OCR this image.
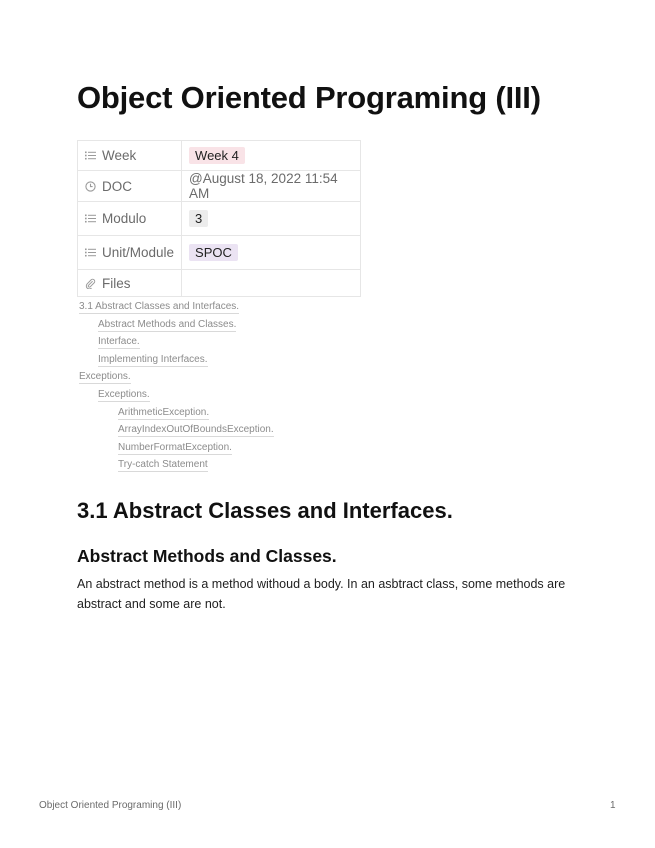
Object Oriented Programing (III)
Week	Week 4

DOC	@August 18, 2022 11:54 AM

Modulo	3

Unit/Module	SPOC

Files	

3.1 Abstract Classes and Interfaces.
Abstract Methods and Classes.
Interface.
Implementing Interfaces.
Exceptions.
Exceptions.
ArithmeticException.
ArrayIndexOutOfBoundsException.
NumberFormatException.
Try-catch Statement
3.1 Abstract Classes and Interfaces.
Abstract Methods and Classes.

An abstract method is a method withoud a body. In an asbtract class, some methods are abstract and some are not.

Object Oriented Programing (III)	1
